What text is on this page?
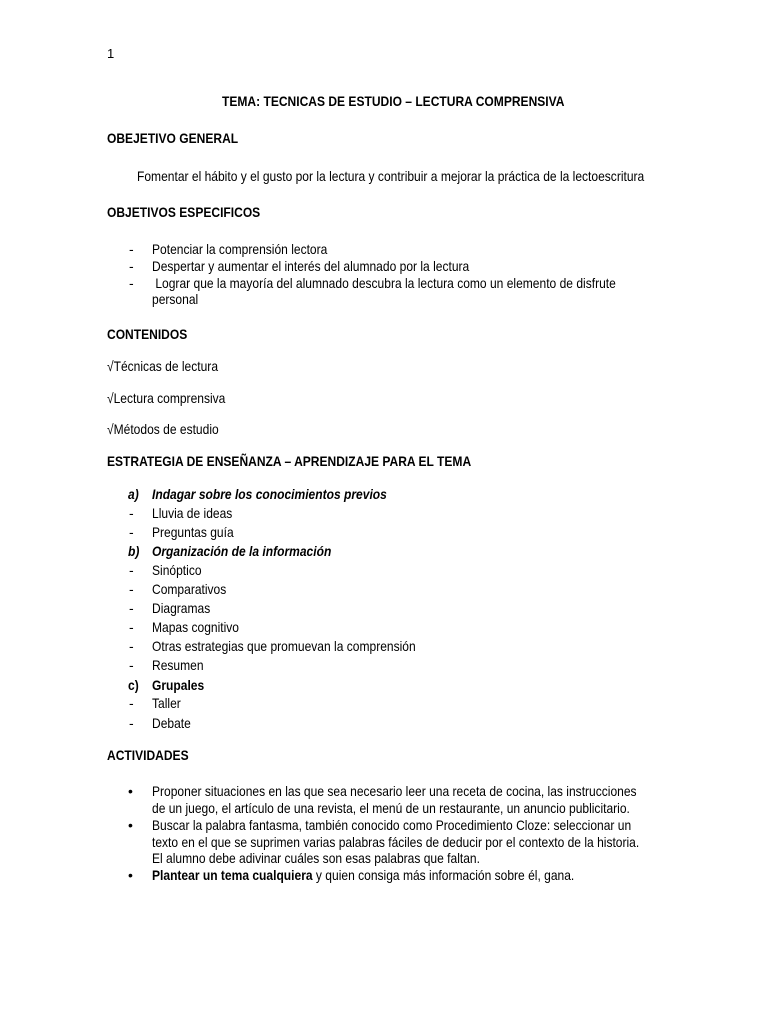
1
TEMA: TECNICAS DE ESTUDIO – LECTURA COMPRENSIVA
OBEJETIVO GENERAL
Fomentar el hábito y el gusto por la lectura y contribuir a mejorar la práctica de la lectoescritura
OBJETIVOS ESPECIFICOS
- Potenciar la comprensión lectora
- Despertar y aumentar el interés del alumnado por la lectura
- Lograr que la mayoría del alumnado descubra la lectura como un elemento de disfrute
personal
CONTENIDOS
√Técnicas de lectura
√Lectura comprensiva
√Métodos de estudio
ESTRATEGIA DE ENSEÑANZA – APRENDIZAJE PARA EL TEMA
a) Indagar sobre los conocimientos previos
- Lluvia de ideas
- Preguntas guía
b) Organización de la información
- Sinóptico
- Comparativos
- Diagramas
- Mapas cognitivo
- Otras estrategias que promuevan la comprensión
- Resumen
c) Grupales
- Taller
- Debate
ACTIVIDADES
• Proponer situaciones en las que sea necesario leer una receta de cocina, las instrucciones
de un juego, el artículo de una revista, el menú de un restaurante, un anuncio publicitario.
• Buscar la palabra fantasma, también conocido como Procedimiento Cloze: seleccionar un
texto en el que se suprimen varias palabras fáciles de deducir por el contexto de la historia.
El alumno debe adivinar cuáles son esas palabras que faltan.
• Plantear un tema cualquiera y quien consiga más información sobre él, gana.
